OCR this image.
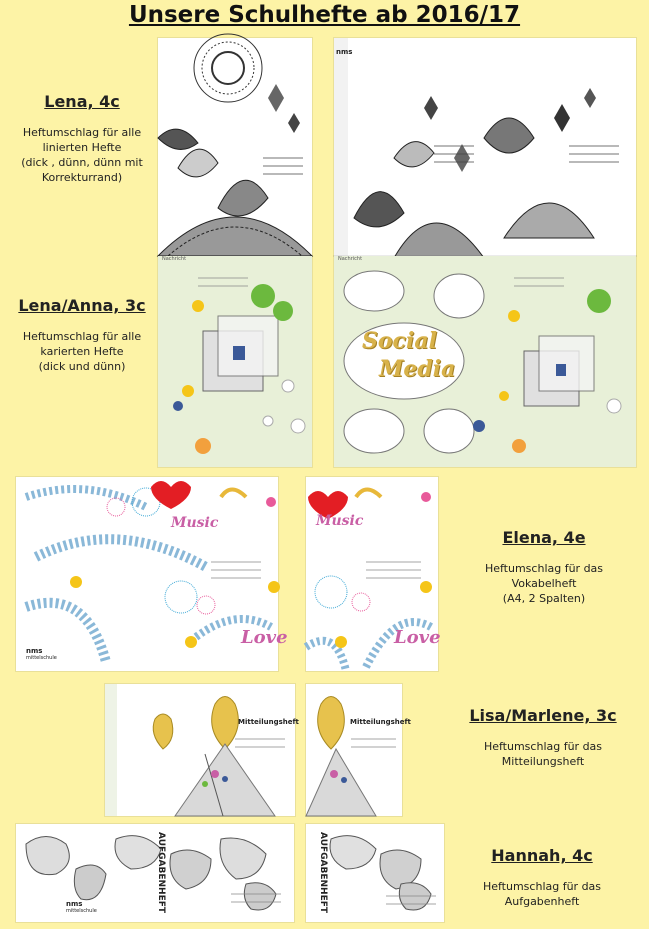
Unsere Schulhefte ab 2016/17
Lena, 4c
Heftumschlag für alle
linierten Hefte
(dick , dünn, dünn mit
Korrekturrand)
nms
Lena/Anna, 3c
Heftumschlag für alle
karierten Hefte
(dick und dünn)
Nachricht	Nachricht
Social
Media
Music
Love
nms
mittelschule
Music
Love
Elena, 4e
Heftumschlag für das
Vokabelheft
(A4, 2 Spalten)
Mitteilungsheft	Mitteilungsheft	Lisa/Marlene, 3c
Heftumschlag für das
Mitteilungsheft
AUFGABENHEFT
nms
mittelschule	AUFGABENHEFT	Hannah, 4c
Heftumschlag für das
Aufgabenheft
